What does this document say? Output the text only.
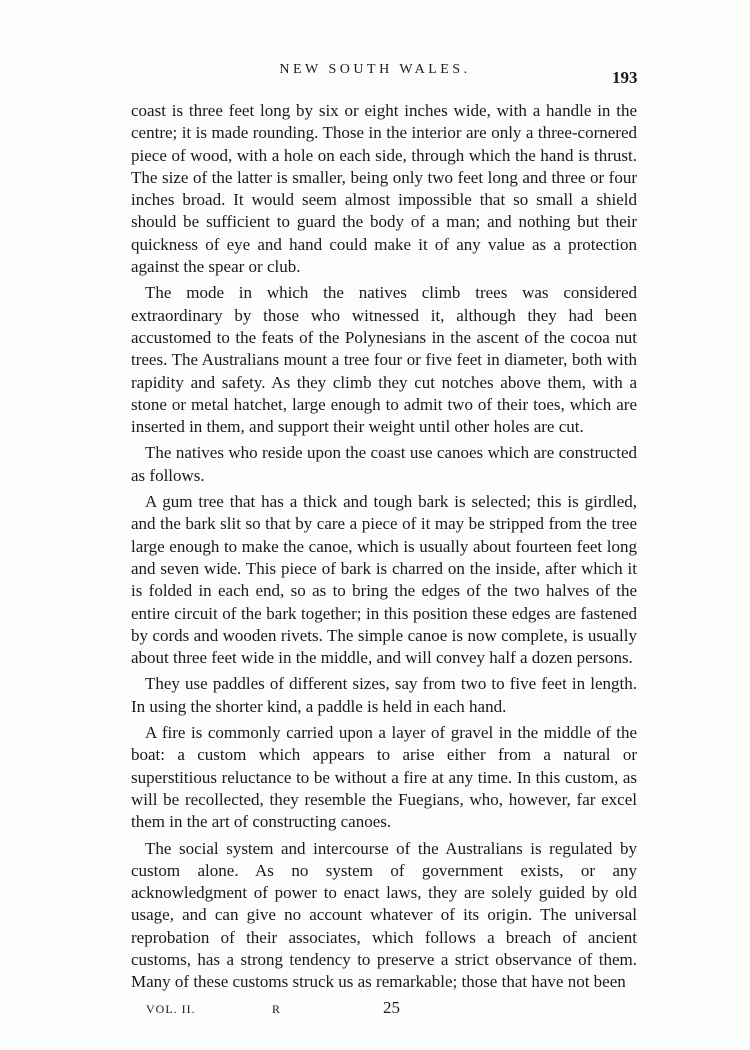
NEW SOUTH WALES.	193

coast is three feet long by six or eight inches wide, with a handle in the centre; it is made rounding. Those in the interior are only a three-cornered piece of wood, with a hole on each side, through which the hand is thrust. The size of the latter is smaller, being only two feet long and three or four inches broad. It would seem almost impossible that so small a shield should be sufficient to guard the body of a man; and nothing but their quickness of eye and hand could make it of any value as a protection against the spear or club.

The mode in which the natives climb trees was considered extraordinary by those who witnessed it, although they had been accustomed to the feats of the Polynesians in the ascent of the cocoa nut trees. The Australians mount a tree four or five feet in diameter, both with rapidity and safety. As they climb they cut notches above them, with a stone or metal hatchet, large enough to admit two of their toes, which are inserted in them, and support their weight until other holes are cut.

The natives who reside upon the coast use canoes which are constructed as follows.

A gum tree that has a thick and tough bark is selected; this is girdled, and the bark slit so that by care a piece of it may be stripped from the tree large enough to make the canoe, which is usually about fourteen feet long and seven wide. This piece of bark is charred on the inside, after which it is folded in each end, so as to bring the edges of the two halves of the entire circuit of the bark together; in this position these edges are fastened by cords and wooden rivets. The simple canoe is now complete, is usually about three feet wide in the middle, and will convey half a dozen persons.

They use paddles of different sizes, say from two to five feet in length. In using the shorter kind, a paddle is held in each hand.

A fire is commonly carried upon a layer of gravel in the middle of the boat: a custom which appears to arise either from a natural or superstitious reluctance to be without a fire at any time. In this custom, as will be recollected, they resemble the Fuegians, who, however, far excel them in the art of constructing canoes.

The social system and intercourse of the Australians is regulated by custom alone. As no system of government exists, or any acknowledgment of power to enact laws, they are solely guided by old usage, and can give no account whatever of its origin. The universal reprobation of their associates, which follows a breach of ancient customs, has a strong tendency to preserve a strict observance of them. Many of these customs struck us as remarkable; those that have not been

VOL. II.	R	25
